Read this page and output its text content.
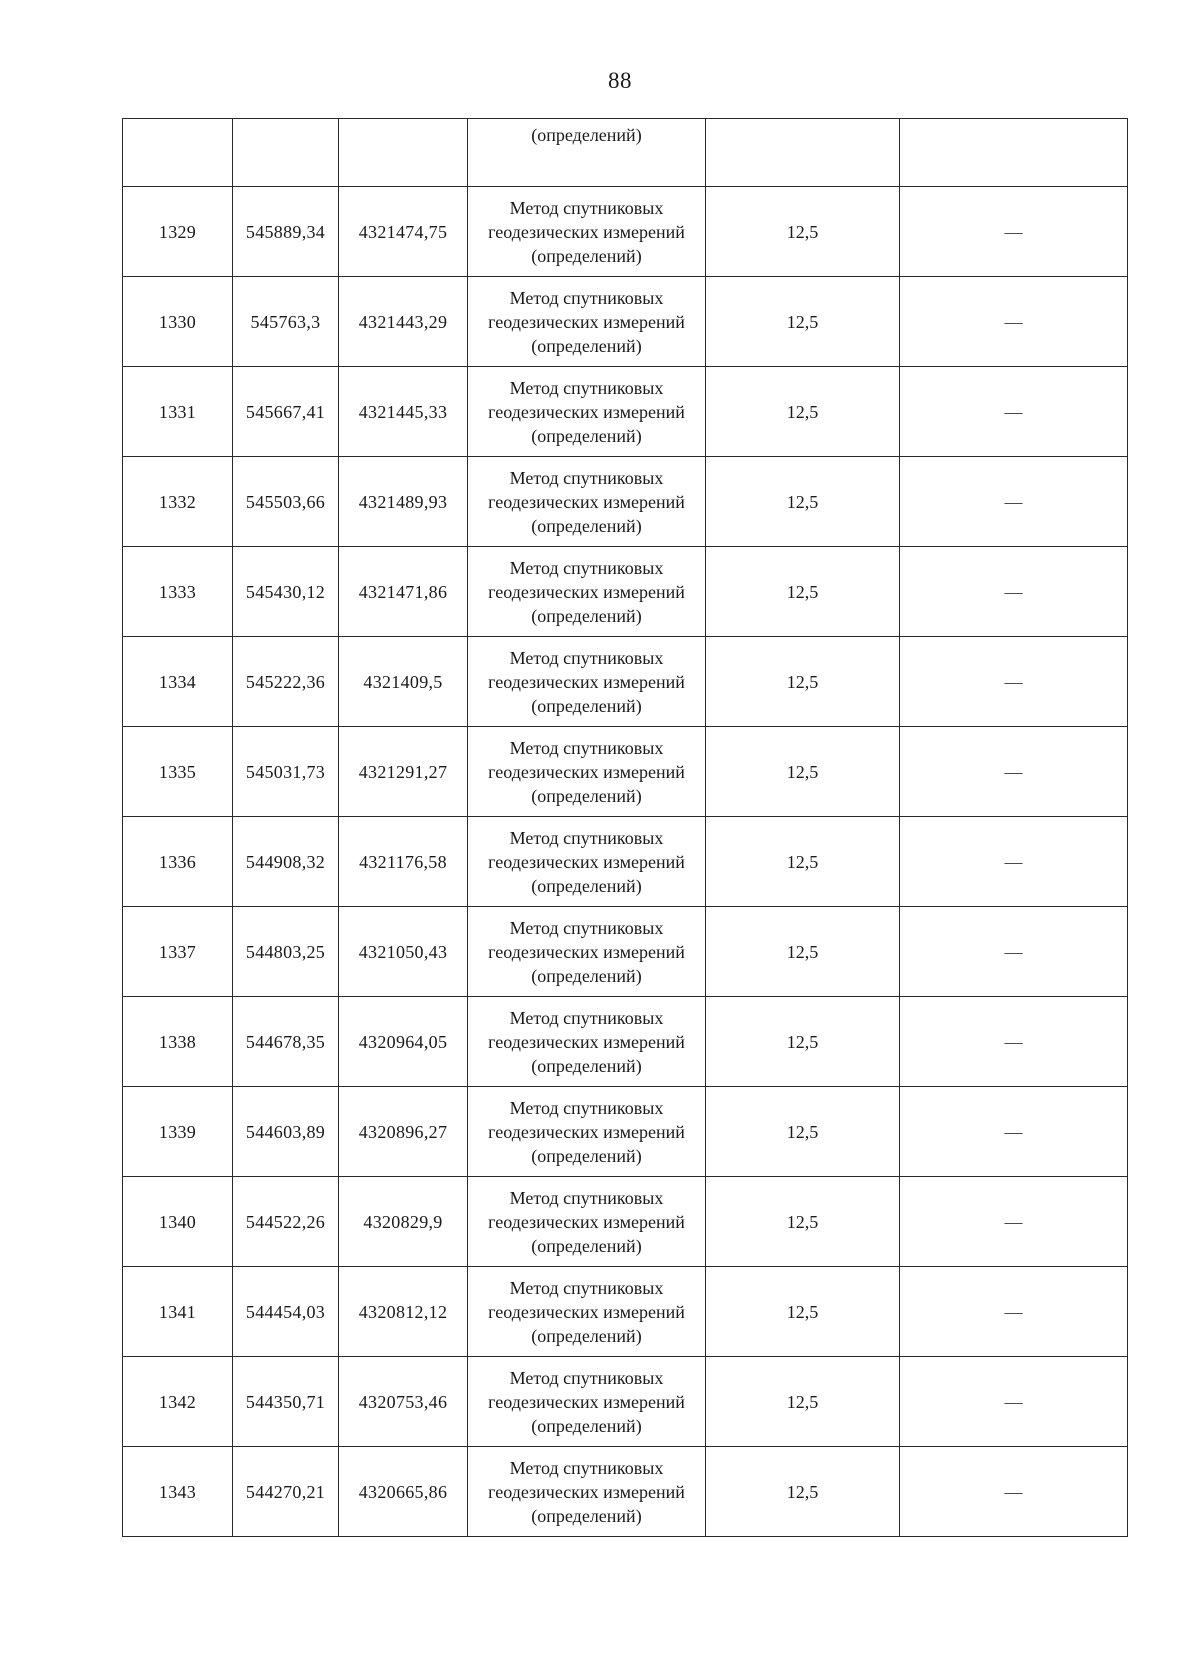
88
			(определений)		
1329	545889,34	4321474,75	Метод спутниковых
геодезических измерений
(определений)	12,5	—
1330	545763,3	4321443,29	Метод спутниковых
геодезических измерений
(определений)	12,5	—
1331	545667,41	4321445,33	Метод спутниковых
геодезических измерений
(определений)	12,5	—
1332	545503,66	4321489,93	Метод спутниковых
геодезических измерений
(определений)	12,5	—
1333	545430,12	4321471,86	Метод спутниковых
геодезических измерений
(определений)	12,5	—
1334	545222,36	4321409,5	Метод спутниковых
геодезических измерений
(определений)	12,5	—
1335	545031,73	4321291,27	Метод спутниковых
геодезических измерений
(определений)	12,5	—
1336	544908,32	4321176,58	Метод спутниковых
геодезических измерений
(определений)	12,5	—
1337	544803,25	4321050,43	Метод спутниковых
геодезических измерений
(определений)	12,5	—
1338	544678,35	4320964,05	Метод спутниковых
геодезических измерений
(определений)	12,5	—
1339	544603,89	4320896,27	Метод спутниковых
геодезических измерений
(определений)	12,5	—
1340	544522,26	4320829,9	Метод спутниковых
геодезических измерений
(определений)	12,5	—
1341	544454,03	4320812,12	Метод спутниковых
геодезических измерений
(определений)	12,5	—
1342	544350,71	4320753,46	Метод спутниковых
геодезических измерений
(определений)	12,5	—
1343	544270,21	4320665,86	Метод спутниковых
геодезических измерений
(определений)	12,5	—
